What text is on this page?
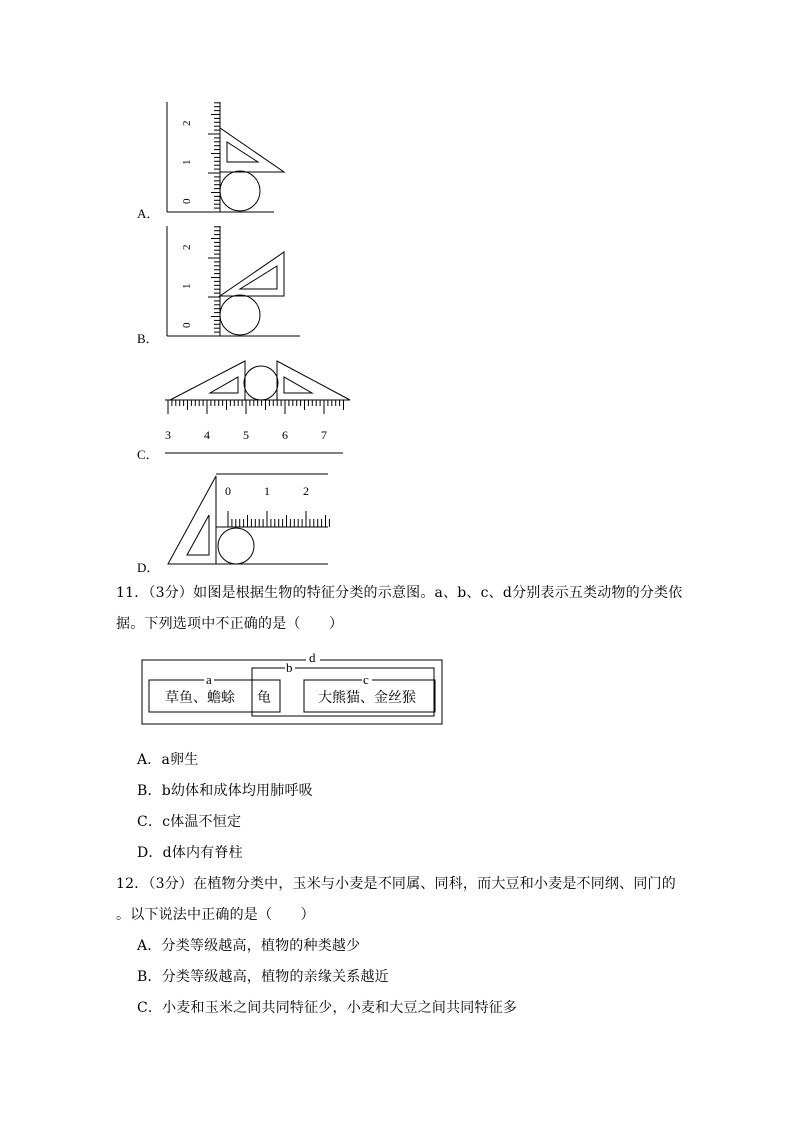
A．
0
1
2
B．
0
1
2
C．
3	4	5	6	7
D．
0	1	2
11．（3分）如图是根据生物的特征分类的示意图。a、b、c、d分别表示五类动物的分类依
据。下列选项中不正确的是（　　）
d
b
a
草鱼、蟾蜍 龟
c
大熊猫、金丝猴
A．a卵生
B．b幼体和成体均用肺呼吸
C．c体温不恒定
D．d体内有脊柱
12．（3分）在植物分类中，玉米与小麦是不同属、同科，而大豆和小麦是不同纲、同门的
。以下说法中正确的是（　　）
A．分类等级越高，植物的种类越少
B．分类等级越高，植物的亲缘关系越近
C．小麦和玉米之间共同特征少，小麦和大豆之间共同特征多
